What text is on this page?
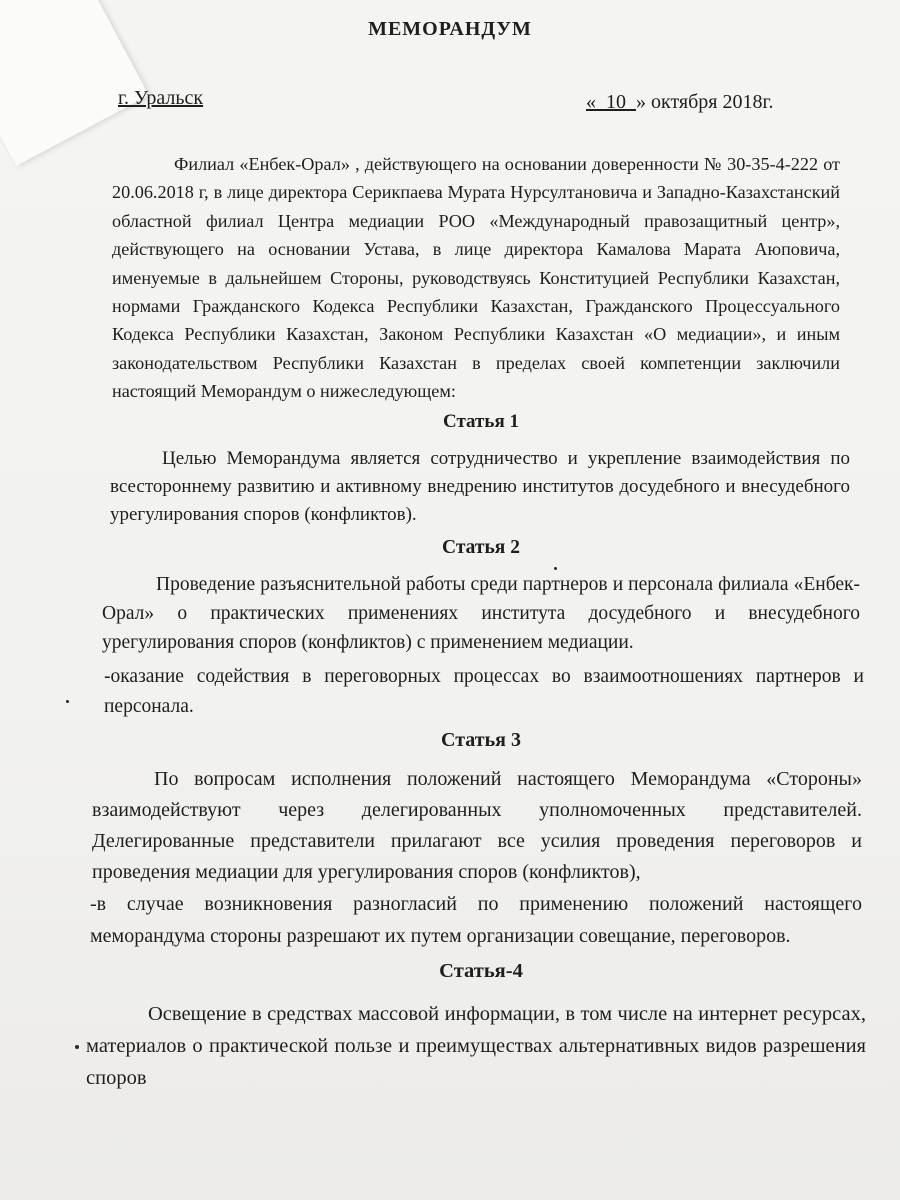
МЕМОРАНДУМ
г. Уральск	«  10  » октября 2018г.

Филиал «Енбек-Орал» , действующего на основании доверенности № 30-35-4-222 от 20.06.2018 г, в лице директора Серикпаева Мурата Нурсултановича и Западно-Казахстанский областной филиал Центра медиации РОО «Международный правозащитный центр», действующего на основании Устава, в лице директора Камалова Марата Аюповича, именуемые в дальнейшем Стороны, руководствуясь Конституцией Республики Казахстан, нормами Гражданского Кодекса Республики Казахстан, Гражданского Процессуального Кодекса Республики Казахстан, Законом Республики Казахстан «О медиации», и иным законодательством Республики Казахстан в пределах своей компетенции заключили настоящий Меморандум о нижеследующем:

Статья 1

Целью Меморандума является сотрудничество и укрепление взаимодействия по всестороннему развитию и активному внедрению институтов досудебного и внесудебного урегулирования споров (конфликтов).

Статья 2

Проведение разъяснительной работы среди партнеров и персонала филиала «Енбек-Орал» о практических применениях института досудебного и внесудебного урегулирования споров (конфликтов) с применением медиации.

-оказание содействия в переговорных процессах во взаимоотношениях партнеров и персонала.

Статья 3

По вопросам исполнения положений настоящего Меморандума «Стороны» взаимодействуют через делегированных уполномоченных представителей. Делегированные представители прилагают все усилия проведения переговоров и проведения медиации для урегулирования споров (конфликтов),

-в случае возникновения разногласий по применению положений настоящего меморандума стороны разрешают их путем организации совещание, переговоров.

Статья-4

Освещение в средствах массовой информации, в том числе на интернет ресурсах, материалов о практической пользе и преимуществах альтернативных видов разрешения споров
